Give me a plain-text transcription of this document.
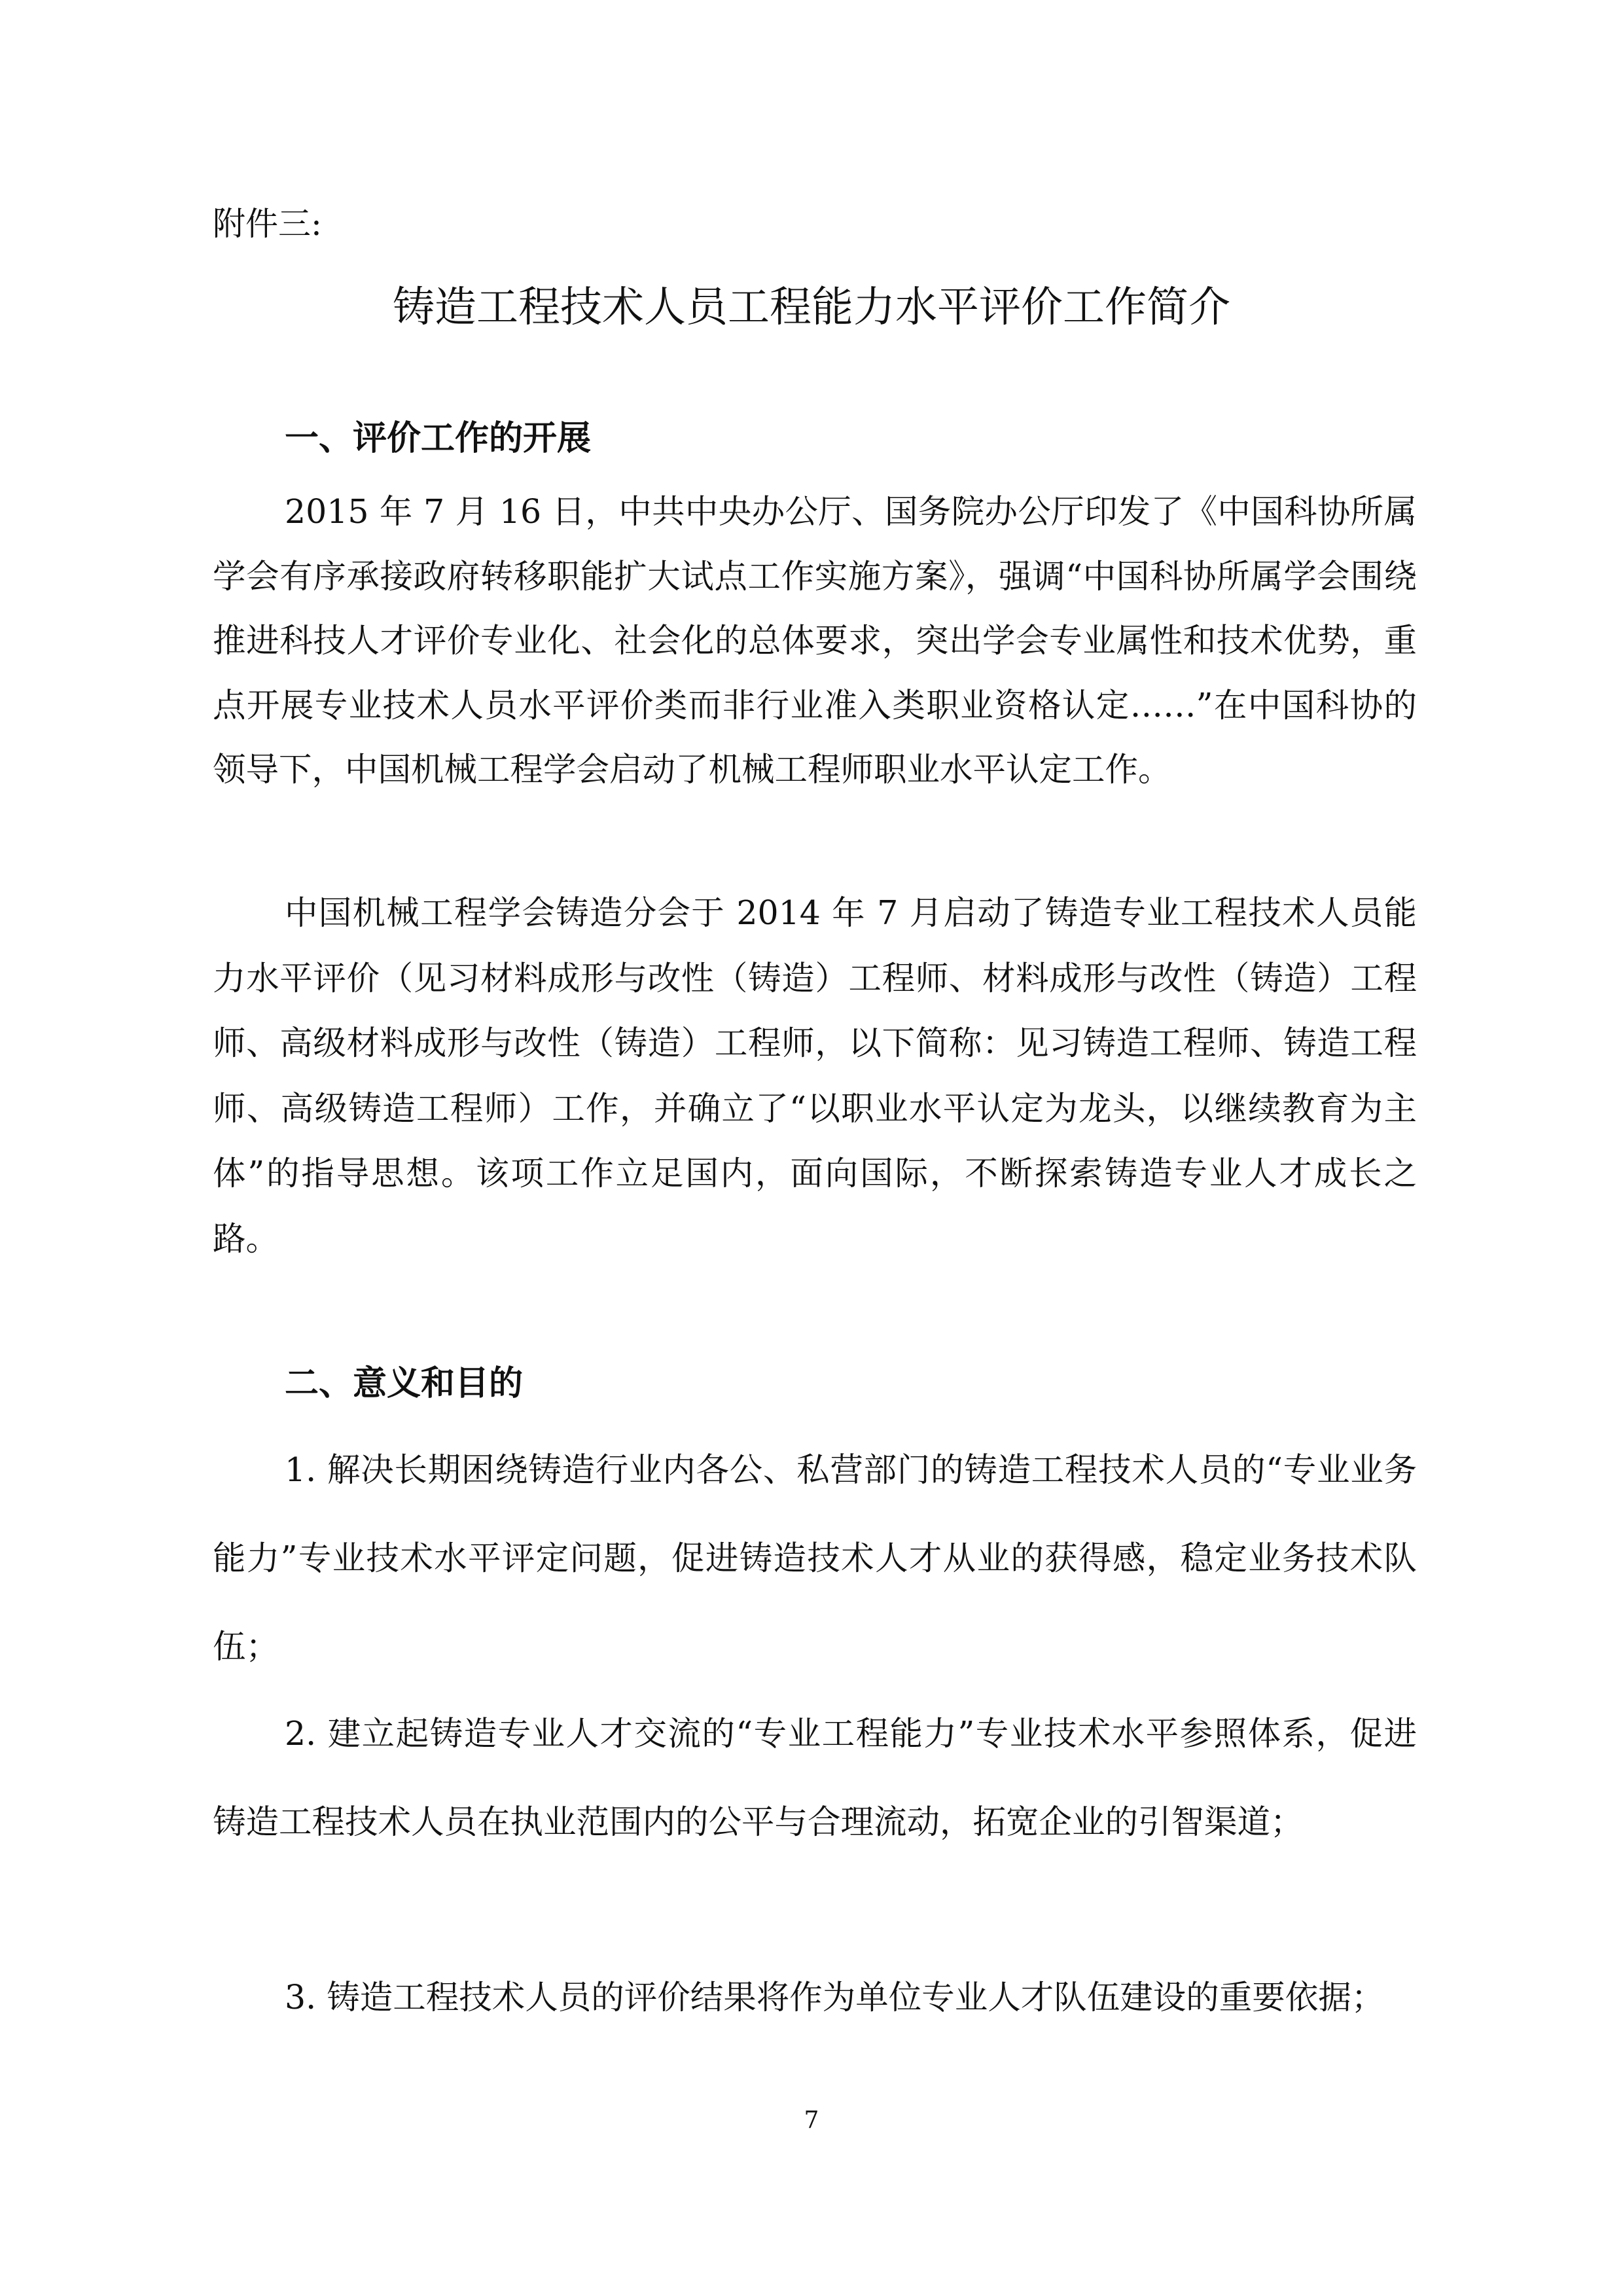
附件三:
铸造工程技术人员工程能力水平评价工作简介
一、评价工作的开展

2015 年 7 月 16 日，中共中央办公厅、国务院办公厅印发了《中国科协所属学会有序承接政府转移职能扩大试点工作实施方案》，强调“中国科协所属学会围绕推进科技人才评价专业化、社会化的总体要求，突出学会专业属性和技术优势，重点开展专业技术人员水平评价类而非行业准入类职业资格认定……”在中国科协的领导下，中国机械工程学会启动了机械工程师职业水平认定工作。

中国机械工程学会铸造分会于 2014 年 7 月启动了铸造专业工程技术人员能力水平评价（见习材料成形与改性（铸造）工程师、材料成形与改性（铸造）工程师、高级材料成形与改性（铸造）工程师，以下简称：见习铸造工程师、铸造工程师、高级铸造工程师）工作，并确立了“以职业水平认定为龙头，以继续教育为主体”的指导思想。该项工作立足国内，面向国际，不断探索铸造专业人才成长之路。

二、意义和目的

1. 解决长期困绕铸造行业内各公、私营部门的铸造工程技术人员的“专业业务能力”专业技术水平评定问题，促进铸造技术人才从业的获得感，稳定业务技术队伍；

2. 建立起铸造专业人才交流的“专业工程能力”专业技术水平参照体系，促进铸造工程技术人员在执业范围内的公平与合理流动，拓宽企业的引智渠道；

3. 铸造工程技术人员的评价结果将作为单位专业人才队伍建设的重要依据；

7
